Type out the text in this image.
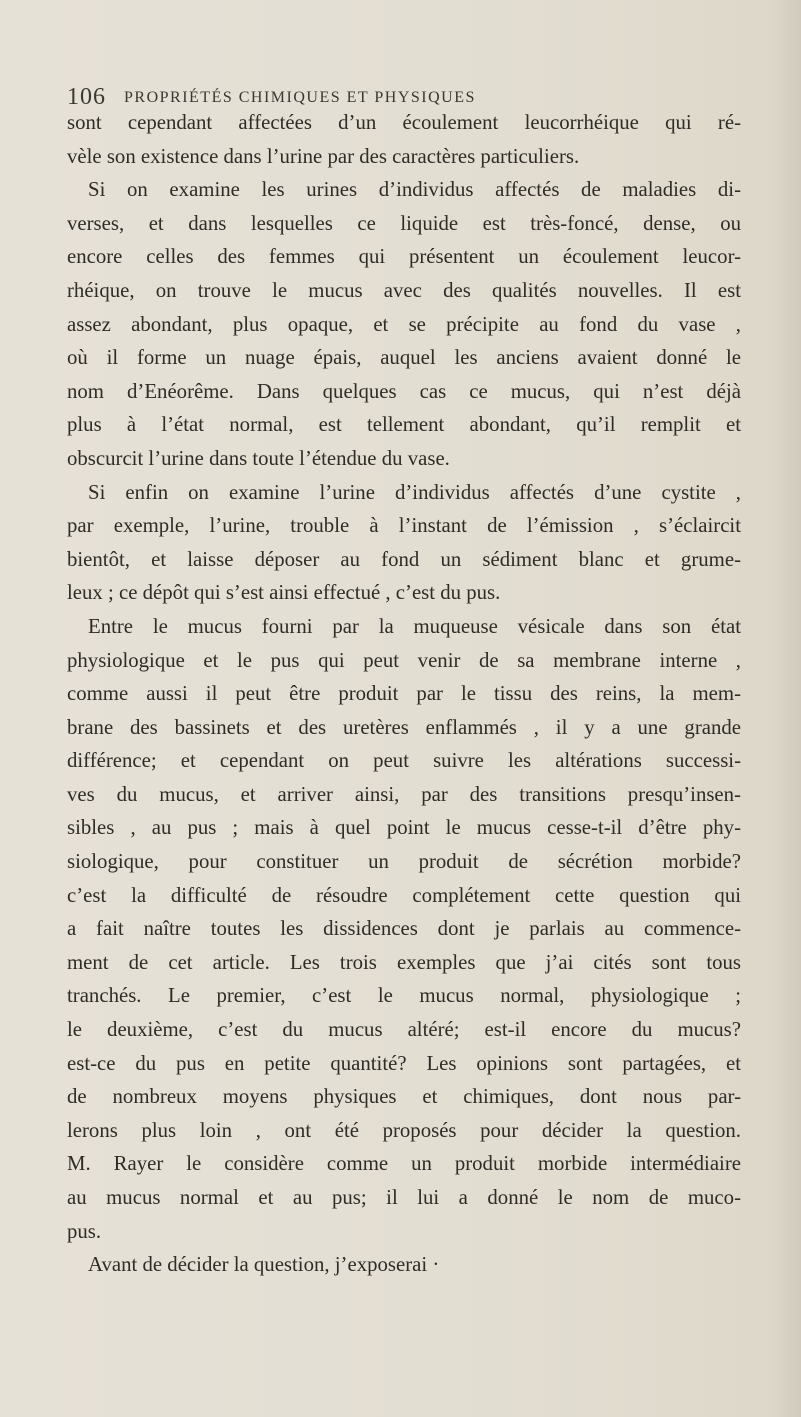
106 PROPRIÉTÉS CHIMIQUES ET PHYSIQUES
sont cependant affectées d’un écoulement leucorrhéique qui ré-
vèle son existence dans l’urine par des caractères particuliers.
Si on examine les urines d’individus affectés de maladies di-
verses, et dans lesquelles ce liquide est très-foncé, dense, ou
encore celles des femmes qui présentent un écoulement leucor-
rhéique, on trouve le mucus avec des qualités nouvelles. Il est
assez abondant, plus opaque, et se précipite au fond du vase ,
où il forme un nuage épais, auquel les anciens avaient donné le
nom d’Enéorême. Dans quelques cas ce mucus, qui n’est déjà
plus à l’état normal, est tellement abondant, qu’il remplit et
obscurcit l’urine dans toute l’étendue du vase.
Si enfin on examine l’urine d’individus affectés d’une cystite ,
par exemple, l’urine, trouble à l’instant de l’émission , s’éclaircit
bientôt, et laisse déposer au fond un sédiment blanc et grume-
leux ; ce dépôt qui s’est ainsi effectué , c’est du pus.
Entre le mucus fourni par la muqueuse vésicale dans son état
physiologique et le pus qui peut venir de sa membrane interne ,
comme aussi il peut être produit par le tissu des reins, la mem-
brane des bassinets et des uretères enflammés , il y a une grande
différence; et cependant on peut suivre les altérations successi-
ves du mucus, et arriver ainsi, par des transitions presqu’insen-
sibles , au pus ; mais à quel point le mucus cesse-t-il d’être phy-
siologique, pour constituer un produit de sécrétion morbide?
c’est la difficulté de résoudre complétement cette question qui
a fait naître toutes les dissidences dont je parlais au commence-
ment de cet article. Les trois exemples que j’ai cités sont tous
tranchés. Le premier, c’est le mucus normal, physiologique ;
le deuxième, c’est du mucus altéré; est-il encore du mucus?
est-ce du pus en petite quantité? Les opinions sont partagées, et
de nombreux moyens physiques et chimiques, dont nous par-
lerons plus loin , ont été proposés pour décider la question.
M. Rayer le considère comme un produit morbide intermédiaire
au mucus normal et au pus; il lui a donné le nom de muco-
pus.
Avant de décider la question, j’exposerai ·
